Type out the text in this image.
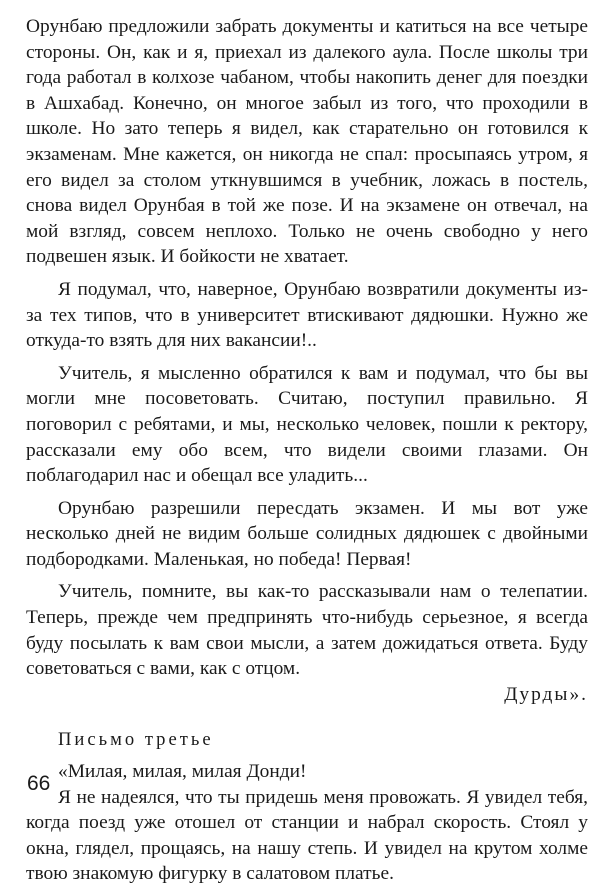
Орунбаю предложили забрать документы и катиться на все четыре стороны. Он, как и я, приехал из далекого аула. После школы три года работал в колхозе чабаном, чтобы накопить денег для поездки в Ашхабад. Конечно, он многое забыл из того, что проходили в школе. Но зато теперь я видел, как старательно он готовился к экзаменам. Мне кажется, он никогда не спал: просыпаясь утром, я его видел за столом уткнувшимся в учебник, ложась в постель, снова видел Орунбая в той же позе. И на экзамене он отвечал, на мой взгляд, совсем неплохо. Только не очень свободно у него подвешен язык. И бойкости не хватает.

Я подумал, что, наверное, Орунбаю возвратили документы из-за тех типов, что в университет втискивают дядюшки. Нужно же откуда-то взять для них вакансии!..

Учитель, я мысленно обратился к вам и подумал, что бы вы могли мне посоветовать. Считаю, поступил правильно. Я поговорил с ребятами, и мы, несколько человек, пошли к ректору, рассказали ему обо всем, что видели своими глазами. Он поблагодарил нас и обещал все уладить...

Орунбаю разрешили пересдать экзамен. И мы вот уже несколько дней не видим больше солидных дядюшек с двойными подбородками. Маленькая, но победа! Первая!

Учитель, помните, вы как-то рассказывали нам о телепатии. Теперь, прежде чем предпринять что-нибудь серьезное, я всегда буду посылать к вам свои мысли, а затем дожидаться ответа. Буду советоваться с вами, как с отцом.

Дурды».

Письмо третье

«Милая, милая, милая Донди!

Я не надеялся, что ты придешь меня провожать. Я увидел тебя, когда поезд уже отошел от станции и набрал скорость. Стоял у окна, глядел, прощаясь, на нашу степь. И увидел на крутом холме твою знакомую фигурку в салатовом платье.

66
